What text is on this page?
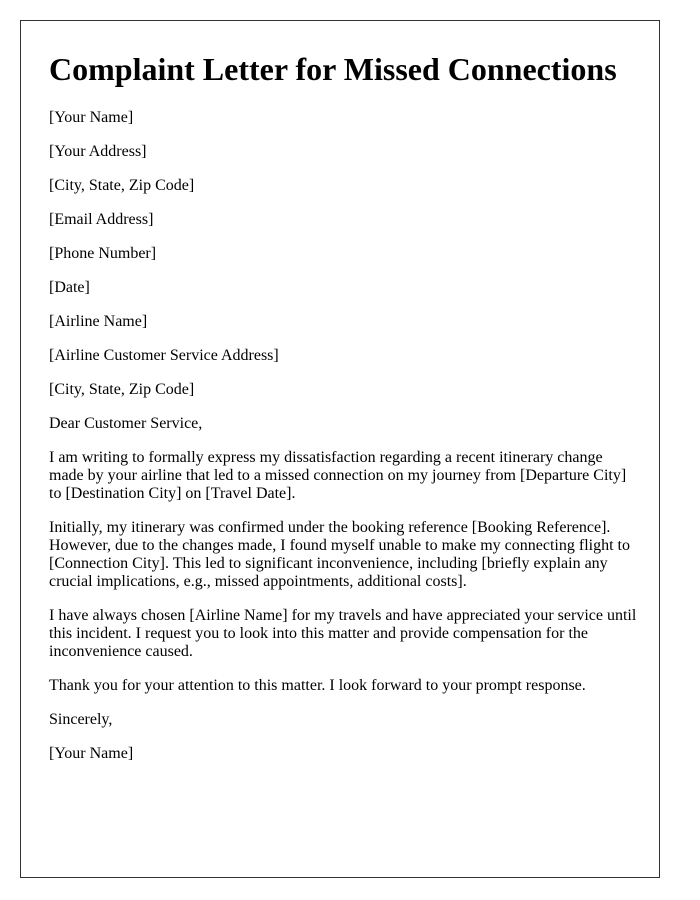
Complaint Letter for Missed Connections

[Your Name]

[Your Address]

[City, State, Zip Code]

[Email Address]

[Phone Number]

[Date]

[Airline Name]

[Airline Customer Service Address]

[City, State, Zip Code]

Dear Customer Service,

I am writing to formally express my dissatisfaction regarding a recent itinerary change made by your airline that led to a missed connection on my journey from [Departure City] to [Destination City] on [Travel Date].

Initially, my itinerary was confirmed under the booking reference [Booking Reference]. However, due to the changes made, I found myself unable to make my connecting flight to [Connection City]. This led to significant inconvenience, including [briefly explain any crucial implications, e.g., missed appointments, additional costs].

I have always chosen [Airline Name] for my travels and have appreciated your service until this incident. I request you to look into this matter and provide compensation for the inconvenience caused.

Thank you for your attention to this matter. I look forward to your prompt response.

Sincerely,

[Your Name]
